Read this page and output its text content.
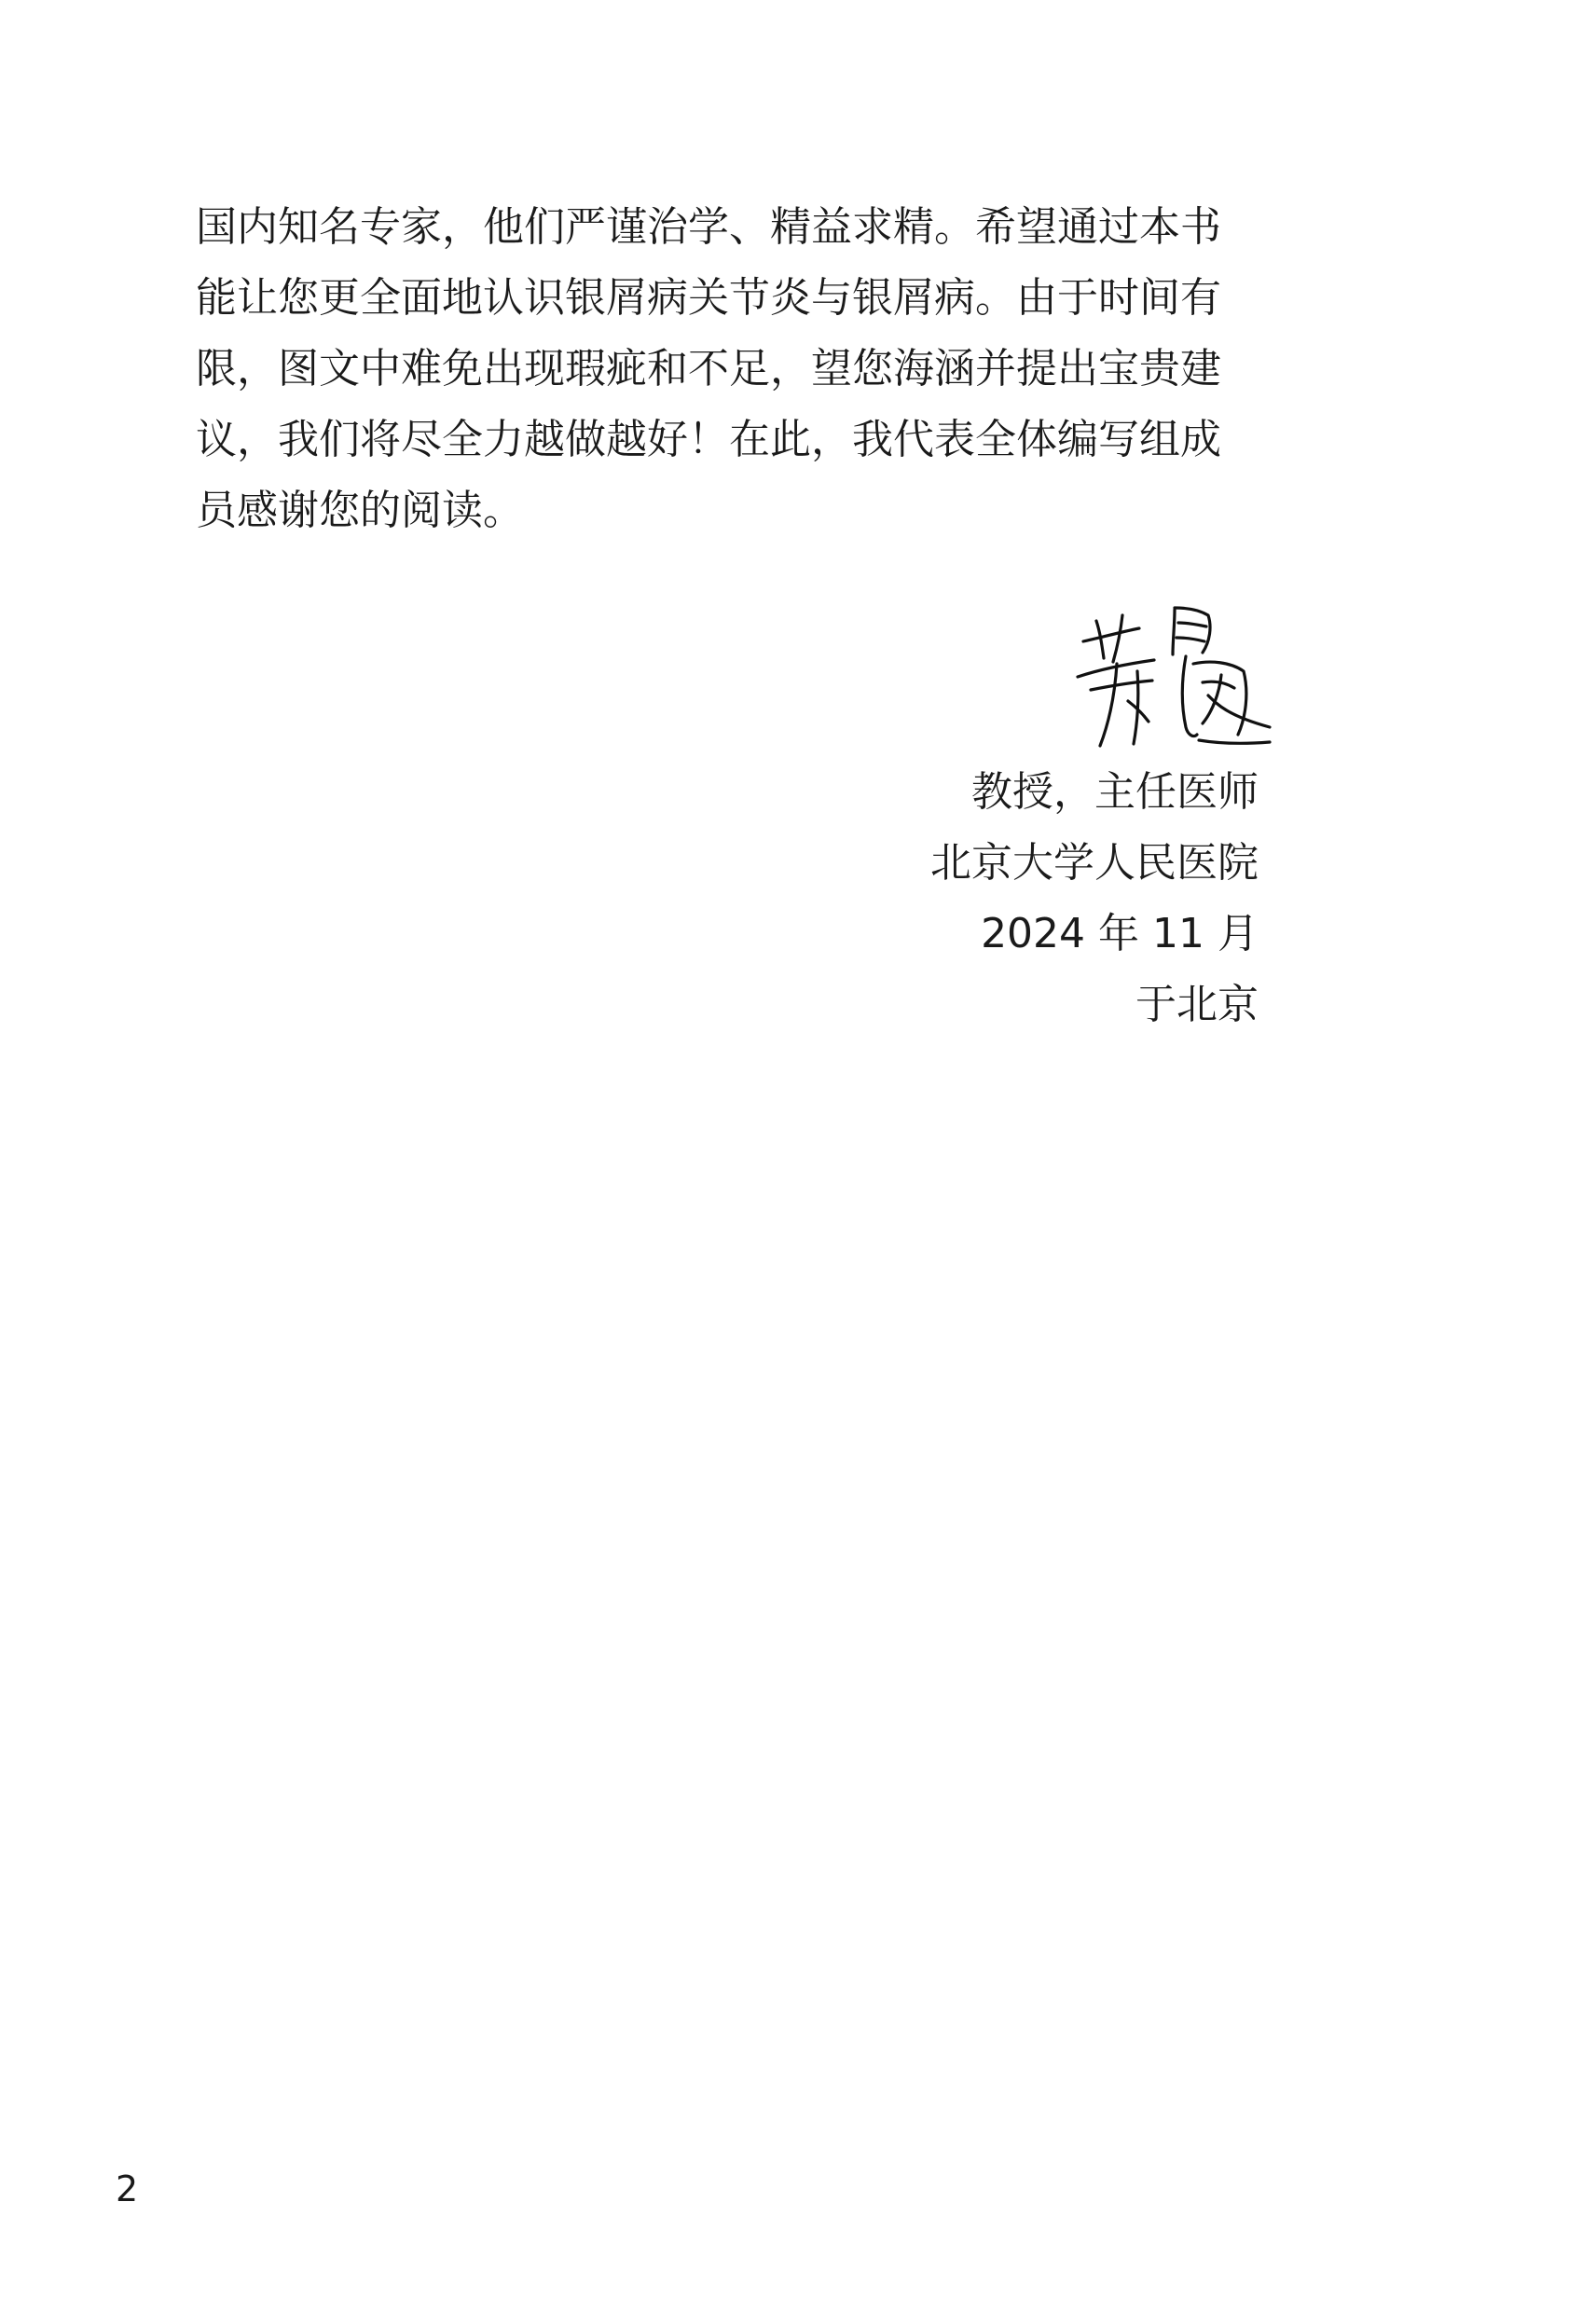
国内知名专家，他们严谨治学、精益求精。希望通过本书
能让您更全面地认识银屑病关节炎与银屑病。由于时间有
限，图文中难免出现瑕疵和不足，望您海涵并提出宝贵建
议，我们将尽全力越做越好！在此，我代表全体编写组成
员感谢您的阅读。

教授，主任医师
北京大学人民医院
2024 年 11 月
于北京
2
